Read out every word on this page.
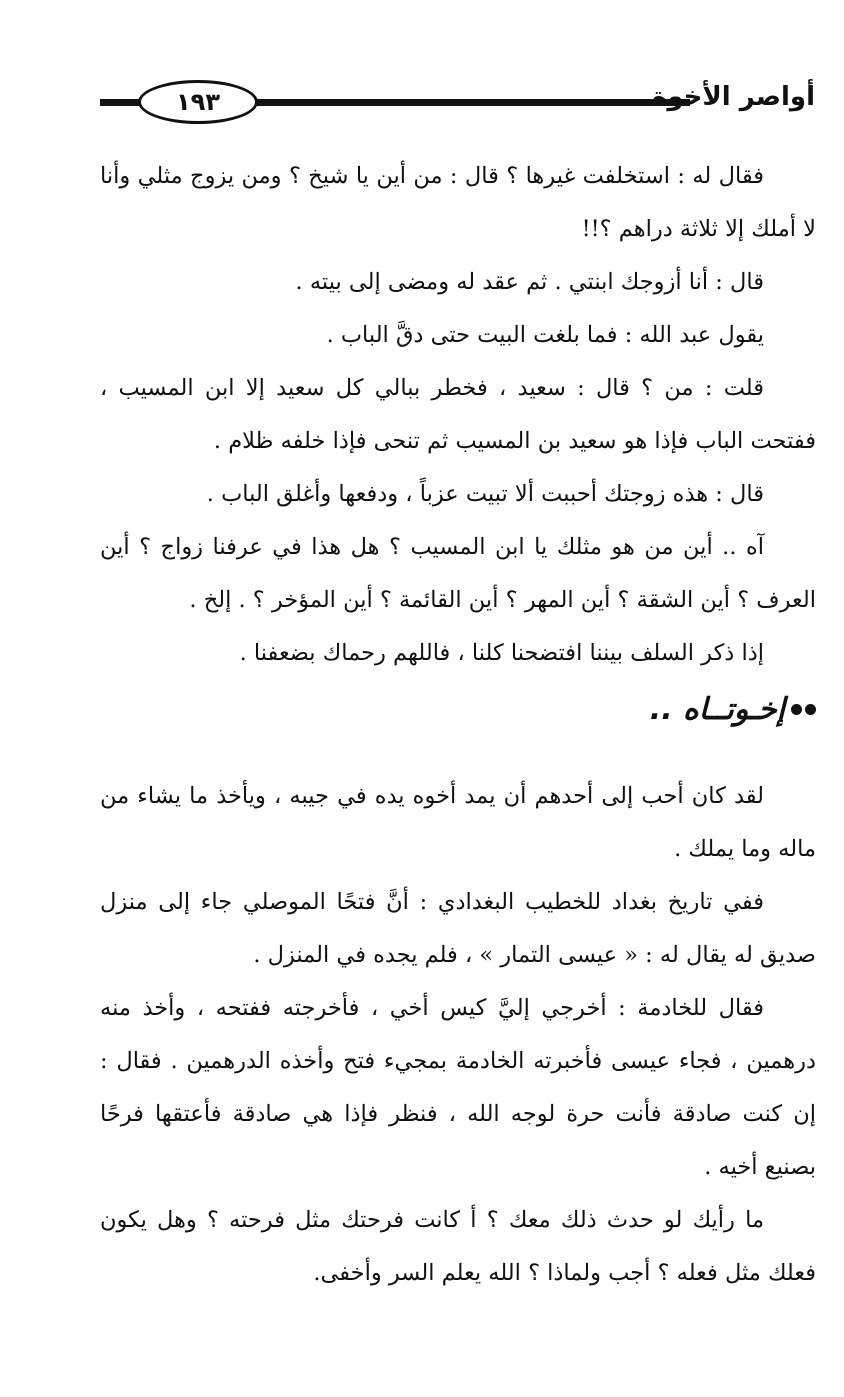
١٩٣	أواصر الأخوة

فقال له : استخلفت غيرها ؟ قال : من أين يا شيخ ؟ ومن يزوج مثلي وأنا لا أملك إلا ثلاثة دراهم ؟!!

قال : أنا أزوجك ابنتي . ثم عقد له ومضى إلى بيته .

يقول عبد الله : فما بلغت البيت حتى دقَّ الباب .

قلت : من ؟ قال : سعيد ، فخطر ببالي كل سعيد إلا ابن المسيب ، ففتحت الباب فإذا هو سعيد بن المسيب ثم تنحى فإذا خلفه ظلام .

قال : هذه زوجتك أحببت ألا تبيت عزباً ، ودفعها وأغلق الباب .

آه .. أين من هو مثلك يا ابن المسيب ؟ هل هذا في عرفنا زواج ؟ أين العرف ؟ أين الشقة ؟ أين المهر ؟ أين القائمة ؟ أين المؤخر ؟ . إلخ .

إذا ذكر السلف بيننا افتضحنا كلنا ، فاللهم رحماك بضعفنا .

إخـوتــاه ..

لقد كان أحب إلى أحدهم أن يمد أخوه يده في جيبه ، ويأخذ ما يشاء من ماله وما يملك .

ففي تاريخ بغداد للخطيب البغدادي : أنَّ فتحًا الموصلي جاء إلى منزل صديق له يقال له : « عيسى التمار » ، فلم يجده في المنزل .

فقال للخادمة : أخرجي إليَّ كيس أخي ، فأخرجته ففتحه ، وأخذ منه درهمين ، فجاء عيسى فأخبرته الخادمة بمجيء فتح وأخذه الدرهمين . فقال : إن كنت صادقة فأنت حرة لوجه الله ، فنظر فإذا هي صادقة فأعتقها فرحًا بصنيع أخيه .

ما رأيك لو حدث ذلك معك ؟ أ كانت فرحتك مثل فرحته ؟ وهل يكون فعلك مثل فعله ؟ أجب ولماذا ؟ الله يعلم السر وأخفى.
